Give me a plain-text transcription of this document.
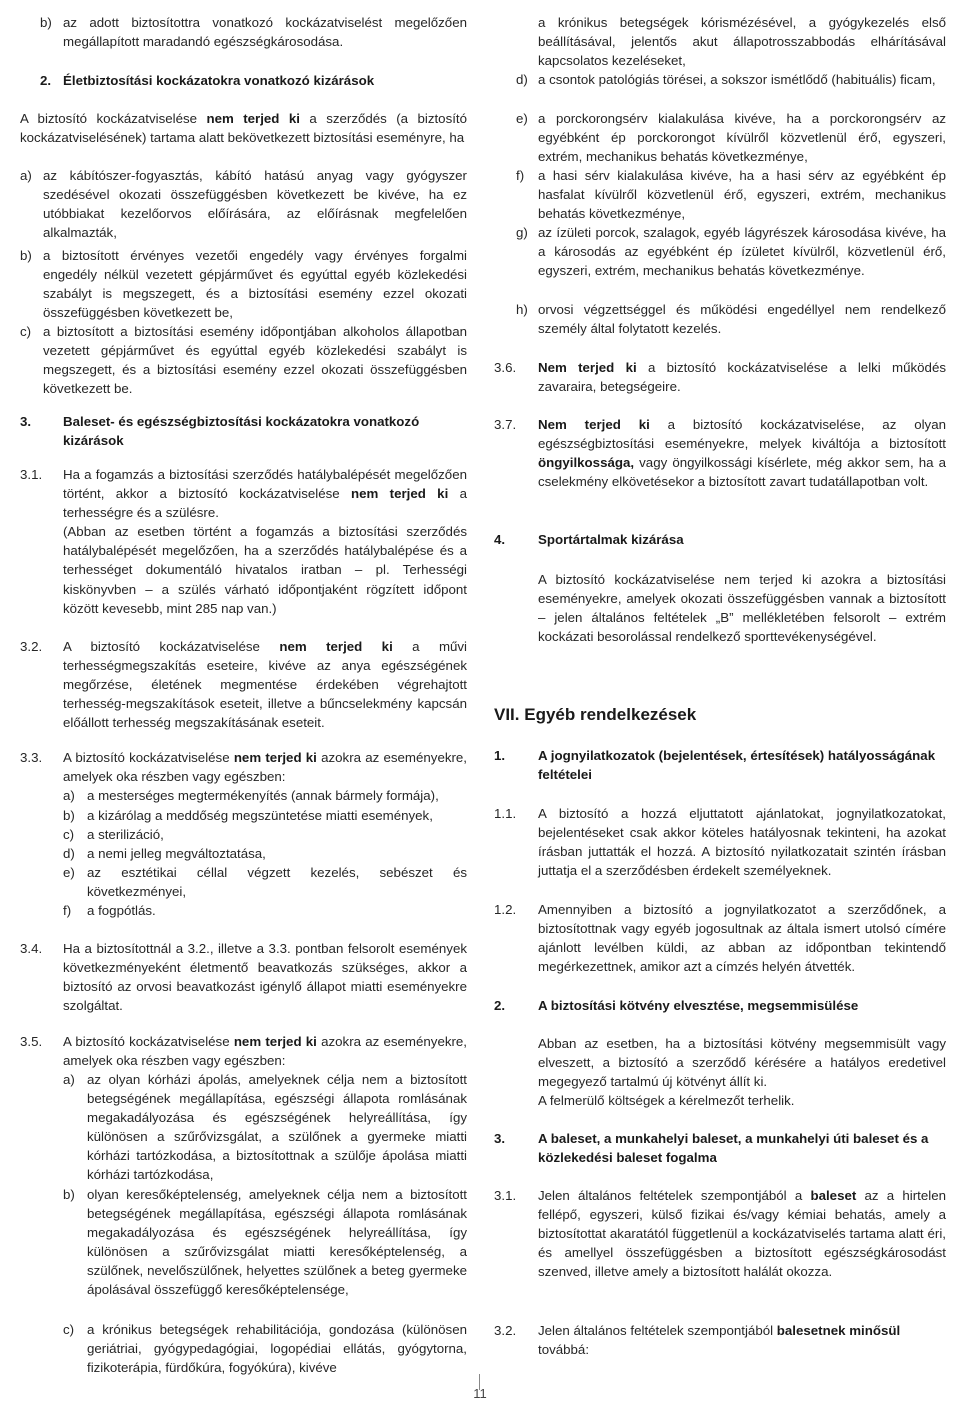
b) az adott biztosítottra vonatkozó kockázatviselést megelőzően megállapított maradandó egészségkárosodása.
2. Életbiztosítási kockázatokra vonatkozó kizárások
A biztosító kockázatviselése nem terjed ki a szerződés (a biztosító kockázatviselésének) tartama alatt bekövetkezett biztosítási eseményre, ha
a) az kábítószer-fogyasztás, kábító hatású anyag vagy gyógyszer szedésével okozati összefüggésben következett be kivéve, ha ez utóbbiakat kezelőorvos előírására, az előírásnak megfelelően alkalmazták,
b) a biztosított érvényes vezetői engedély vagy érvényes forgalmi engedély nélkül vezetett gépjárművet és egyúttal egyéb közlekedési szabályt is megszegett, és a biztosítási esemény ezzel okozati összefüggésben következett be,
c) a biztosított a biztosítási esemény időpontjában alkoholos állapotban vezetett gépjárművet és egyúttal egyéb közlekedési szabályt is megszegett, és a biztosítási esemény ezzel okozati összefüggésben következett be.
3. Baleset- és egészségbiztosítási kockázatokra vonatkozó kizárások
3.1. Ha a fogamzás a biztosítási szerződés hatálybalépését megelőzően történt, akkor a biztosító kockázatviselése nem terjed ki a terhességre és a szülésre.

(Abban az esetben történt a fogamzás a biztosítási szerződés hatálybalépését megelőzően, ha a szerződés hatálybalépése és a terhességet dokumentáló hivatalos iratban – pl. Terhességi kiskönyvben – a szülés várható időpontjaként rögzített időpont között kevesebb, mint 285 nap van.)

3.2. A biztosító kockázatviselése nem terjed ki a művi terhességmegszakítás eseteire, kivéve az anya egészségének megőrzése, életének megmentése érdekében végrehajtott terhesség-megszakítások eseteit, illetve a bűncselekmény kapcsán előállott terhesség megszakításának eseteit.
3.3. A biztosító kockázatviselése nem terjed ki azokra az eseményekre, amelyek oka részben vagy egészben:
a) a mesterséges megtermékenyítés (annak bármely formája),
b) a kizárólag a meddőség megszüntetése miatti események,
c) a sterilizáció,
d) a nemi jelleg megváltoztatása,
e) az esztétikai céllal végzett kezelés, sebészet és következményei,
f) a fogpótlás.
3.4. Ha a biztosítottnál a 3.2., illetve a 3.3. pontban felsorolt események következményeként életmentő beavatkozás szükséges, akkor a biztosító az orvosi beavatkozást igénylő állapot miatti eseményekre szolgáltat.
3.5. A biztosító kockázatviselése nem terjed ki azokra az eseményekre, amelyek oka részben vagy egészben:
a) az olyan kórházi ápolás, amelyeknek célja nem a biztosított betegségének megállapítása, egészségi állapota romlásának megakadályozása és egészségének helyreállítása, így különösen a szűrővizsgálat, a szülőnek a gyermeke miatti kórházi tartózkodása, a biztosítottnak a szülője ápolása miatti kórházi tartózkodása,
b) olyan keresőképtelenség, amelyeknek célja nem a biztosított betegségének megállapítása, egészségi állapota romlásának megakadályozása és egészségének helyreállítása, így különösen a szűrővizsgálat miatti keresőképtelenség, a szülőnek, nevelőszülőnek, helyettes szülőnek a beteg gyermeke ápolásával összefüggő keresőképtelensége,
c) a krónikus betegségek rehabilitációja, gondozása (különösen geriátriai, gyógypedagógiai, logopédiai ellátás, gyógytorna, fizikoterápia, fürdőkúra, fogyókúra), kivéve
a krónikus betegségek kórismézésével, a gyógykezelés első beállításával, jelentős akut állapotrosszabbodás elhárításával kapcsolatos kezeléseket,
d) a csontok patológiás törései, a sokszor ismétlődő (habituális) ficam,
e) a porckorongsérv kialakulása kivéve, ha a porckorongsérv az egyébként ép porckorongot kívülről közvetlenül érő, egyszeri, extrém, mechanikus behatás következménye,
f) a hasi sérv kialakulása kivéve, ha a hasi sérv az egyébként ép hasfalat kívülről közvetlenül érő, egyszeri, extrém, mechanikus behatás következménye,
g) az ízületi porcok, szalagok, egyéb lágyrészek károsodása kivéve, ha a károsodás az egyébként ép ízületet kívülről, közvetlenül érő, egyszeri, extrém, mechanikus behatás következménye.
h) orvosi végzettséggel és működési engedéllyel nem rendelkező személy által folytatott kezelés.
3.6. Nem terjed ki a biztosító kockázatviselése a lelki működés zavaraira, betegségeire.
3.7. Nem terjed ki a biztosító kockázatviselése, az olyan egészségbiztosítási eseményekre, melyek kiváltója a biztosított öngyilkossága, vagy öngyilkossági kísérlete, még akkor sem, ha a cselekmény elkövetésekor a biztosított zavart tudatállapotban volt.
4. Sportártalmak kizárása
A biztosító kockázatviselése nem terjed ki azokra a biztosítási eseményekre, amelyek okozati összefüggésben vannak a biztosított – jelen általános feltételek „B” mellékletében felsorolt – extrém kockázati besorolással rendelkező sporttevékenységével.
VII. Egyéb rendelkezések
1. A jognyilatkozatok (bejelentések, értesítések) hatályosságának feltételei
1.1. A biztosító a hozzá eljuttatott ajánlatokat, jognyilatkozatokat, bejelentéseket csak akkor köteles hatályosnak tekinteni, ha azokat írásban juttatták el hozzá. A biztosító nyilatkozatait szintén írásban juttatja el a szerződésben érdekelt személyeknek.
1.2. Amennyiben a biztosító a jognyilatkozatot a szerződőnek, a biztosítottnak vagy egyéb jogosultnak az általa ismert utolsó címére ajánlott levélben küldi, az abban az időpontban tekintendő megérkezettnek, amikor azt a címzés helyén átvették.
2. A biztosítási kötvény elvesztése, megsemmisülése

Abban az esetben, ha a biztosítási kötvény megsemmisült vagy elveszett, a biztosító a szerződő kérésére a hatályos eredetivel megegyező tartalmú új kötvényt állít ki.

A felmerülő költségek a kérelmezőt terhelik.

3. A baleset, a munkahelyi baleset, a munkahelyi úti baleset és a közlekedési baleset fogalma
3.1. Jelen általános feltételek szempontjából a baleset az a hirtelen fellépő, egyszeri, külső fizikai és/vagy kémiai behatás, amely a biztosítottat akaratától függetlenül a kockázatviselés tartama alatt éri, és amellyel összefüggésben a biztosított egészségkárosodást szenved, illetve amely a biztosított halálát okozza.
3.2. Jelen általános feltételek szempontjából balesetnek minősül továbbá:
11
